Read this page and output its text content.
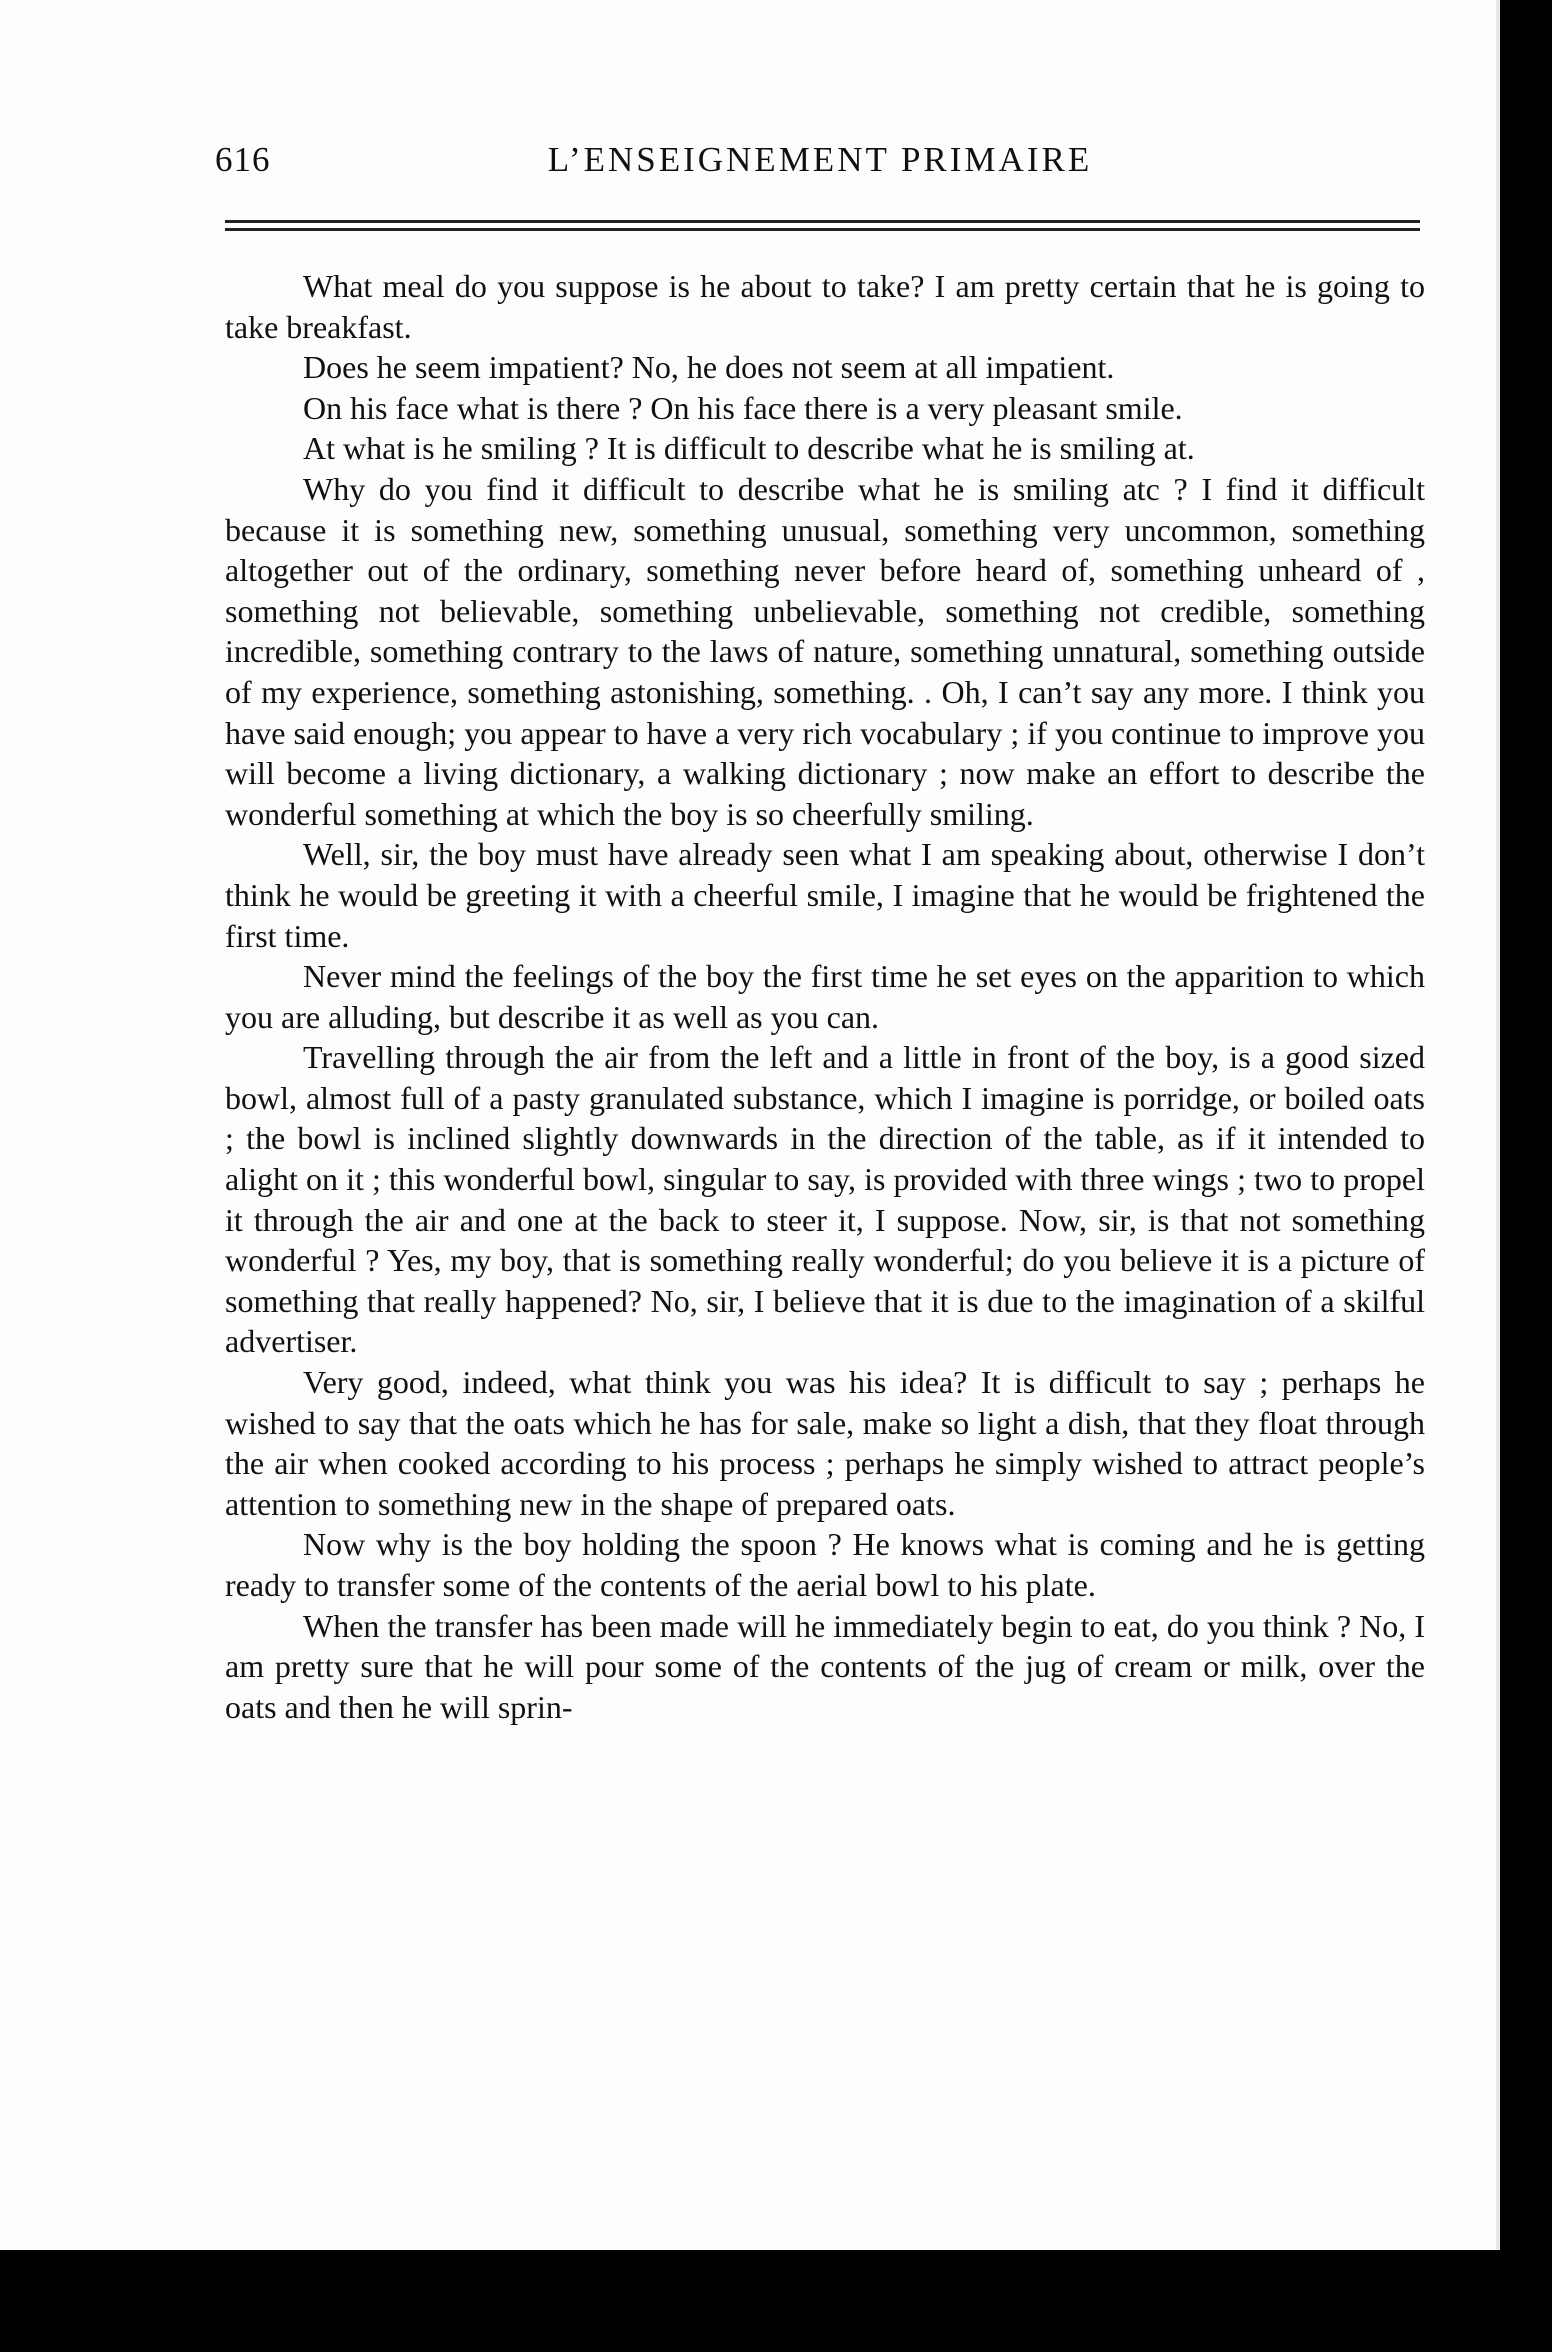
616	L’ENSEIGNEMENT PRIMAIRE

What meal do you suppose is he about to take? I am pretty certain that he is going to take breakfast.

Does he seem impatient? No, he does not seem at all impatient.

On his face what is there ? On his face there is a very pleasant smile.

At what is he smiling ? It is difficult to describe what he is smiling at.

Why do you find it difficult to describe what he is smiling atc ? I find it difficult because it is something new, something unusual, something very uncommon, something altogether out of the ordinary, something never before heard of, something unheard of , something not believable, something unbelievable, something not credible, something incredible, something contrary to the laws of nature, something unnatural, something outside of my experience, something astonishing, something. . Oh, I can’t say any more. I think you have said enough; you appear to have a very rich vocabulary ; if you continue to improve you will become a living dictionary, a walking dictionary ; now make an effort to describe the wonderful something at which the boy is so cheerfully smiling.

Well, sir, the boy must have already seen what I am speaking about, otherwise I don’t think he would be greeting it with a cheerful smile, I imagine that he would be frightened the first time.

Never mind the feelings of the boy the first time he set eyes on the apparition to which you are alluding, but describe it as well as you can.

Travelling through the air from the left and a little in front of the boy, is a good sized bowl, almost full of a pasty granulated substance, which I imagine is porridge, or boiled oats ; the bowl is inclined slightly downwards in the direction of the table, as if it intended to alight on it ; this wonderful bowl, singular to say, is provided with three wings ; two to propel it through the air and one at the back to steer it, I suppose. Now, sir, is that not something wonderful ? Yes, my boy, that is something really wonderful; do you believe it is a picture of something that really happened? No, sir, I believe that it is due to the imagination of a skilful advertiser.

Very good, indeed, what think you was his idea? It is difficult to say ; perhaps he wished to say that the oats which he has for sale, make so light a dish, that they float through the air when cooked according to his process ; perhaps he simply wished to attract people’s attention to something new in the shape of prepared oats.

Now why is the boy holding the spoon ? He knows what is coming and he is getting ready to transfer some of the contents of the aerial bowl to his plate.

When the transfer has been made will he immediately begin to eat, do you think ? No, I am pretty sure that he will pour some of the contents of the jug of cream or milk, over the oats and then he will sprin-
